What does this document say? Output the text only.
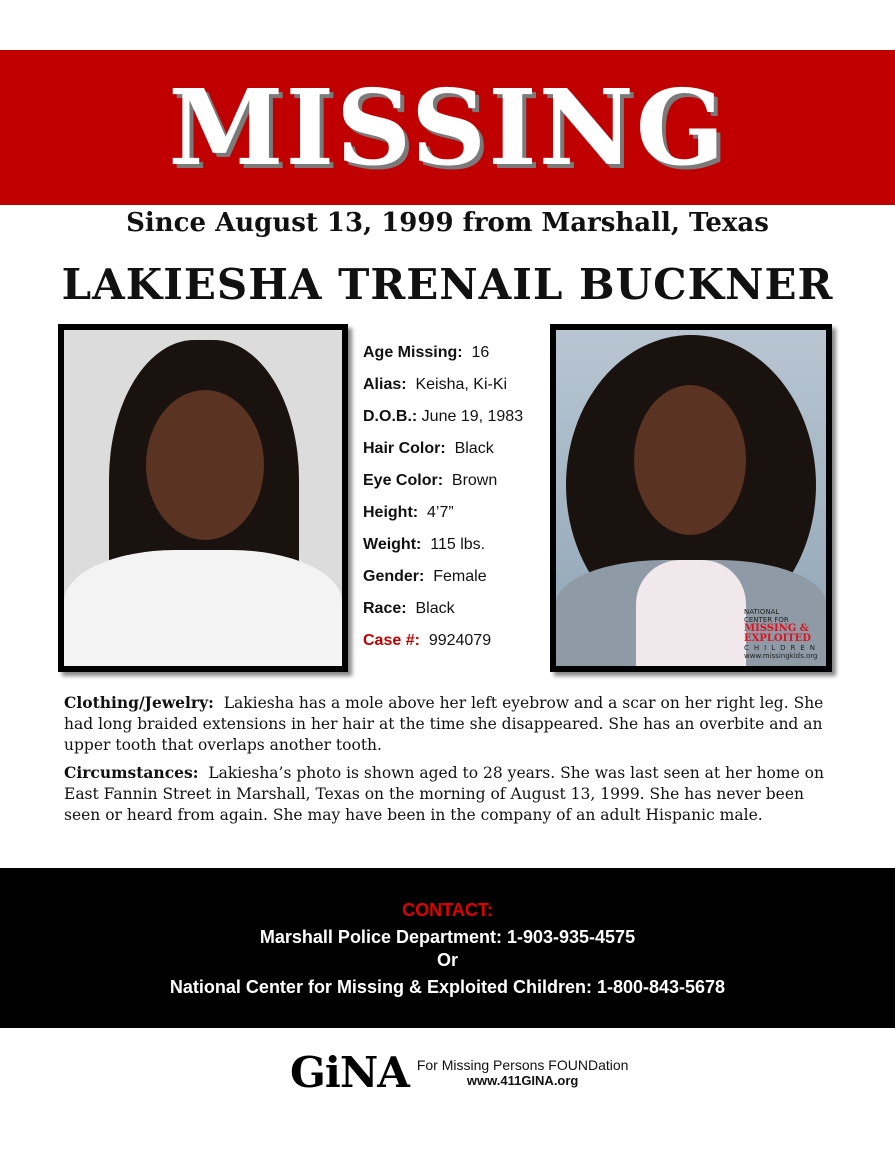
MISSING
Since August 13, 1999 from Marshall, Texas
LAKIESHA TRENAIL BUCKNER
Age Missing: 16
Alias: Keisha, Ki-Ki
D.O.B.: June 19, 1983
Hair Color: Black
Eye Color: Brown
Height: 4’7”
Weight: 115 lbs.
Gender: Female
Race: Black
Case #: 9924079
NATIONAL
CENTER FOR
MISSING &
EXPLOITED
CHILDREN
www.missingkids.org
Clothing/Jewelry: Lakiesha has a mole above her left eyebrow and a scar on her right leg. She had long braided extensions in her hair at the time she disappeared. She has an overbite and an upper tooth that overlaps another tooth.
Circumstances: Lakiesha’s photo is shown aged to 28 years. She was last seen at her home on East Fannin Street in Marshall, Texas on the morning of August 13, 1999. She has never been seen or heard from again. She may have been in the company of an adult Hispanic male.
CONTACT:
Marshall Police Department: 1-903-935-4575
Or
National Center for Missing & Exploited Children: 1-800-843-5678
GiNA For Missing Persons FOUNDation
www.411GINA.org
